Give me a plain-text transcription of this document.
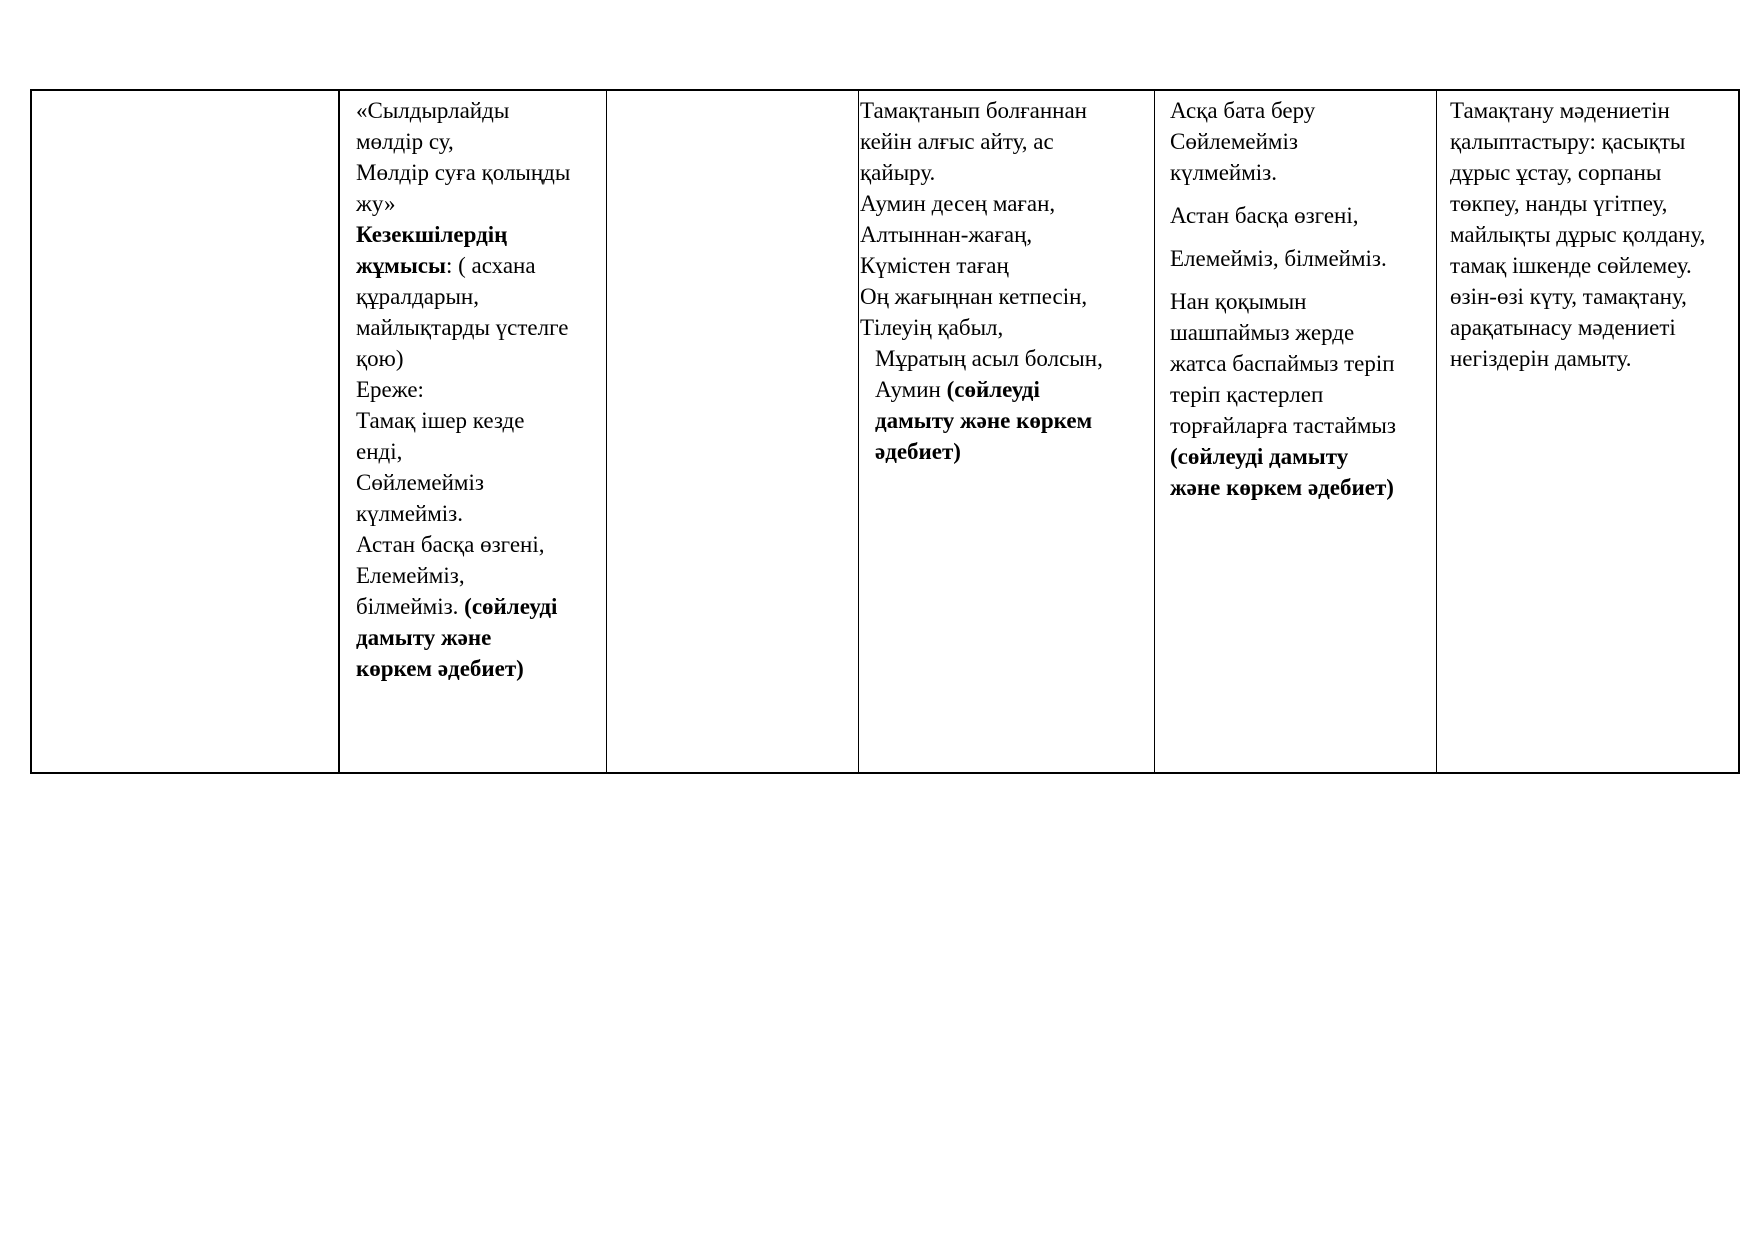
«Сылдырлайды

мөлдір су,

Мөлдір суға қолыңды

жу»

Кезекшілердің

жұмысы: ( асхана

құралдарын,

майлықтарды үстелге

қою)

Ереже:

Тамақ ішер кезде

енді,

Сөйлемейміз

күлмейміз.

Астан басқа өзгені,

Елемейміз,

білмейміз. (сөйлеуді

дамыту және

көркем әдебиет)

Тамақтанып болғаннан

кейін алғыс айту, ас

қайыру.

Аумин десең маған,

Алтыннан-жағаң,

Күмістен тағаң

Оң жағыңнан кетпесін,

Тілеуің қабыл,

Мұратың асыл болсын,

Аумин (сөйлеуді

дамыту және көркем

әдебиет)

Асқа бата беру

Сөйлемейміз

күлмейміз.

Астан басқа өзгені,

Елемейміз, білмейміз.

Нан қоқымын

шашпаймыз жерде

жатса баспаймыз теріп

теріп қастерлеп

торғайларға тастаймыз

(сөйлеуді дамыту

және көркем әдебиет)

Тамақтану мәдениетін

қалыптастыру: қасықты

дұрыс ұстау, сорпаны

төкпеу, нанды үгітпеу,

майлықты дұрыс қолдану,

тамақ ішкенде сөйлемеу.

өзін-өзі күту, тамақтану,

арақатынасу мәдениеті

негіздерін дамыту.
